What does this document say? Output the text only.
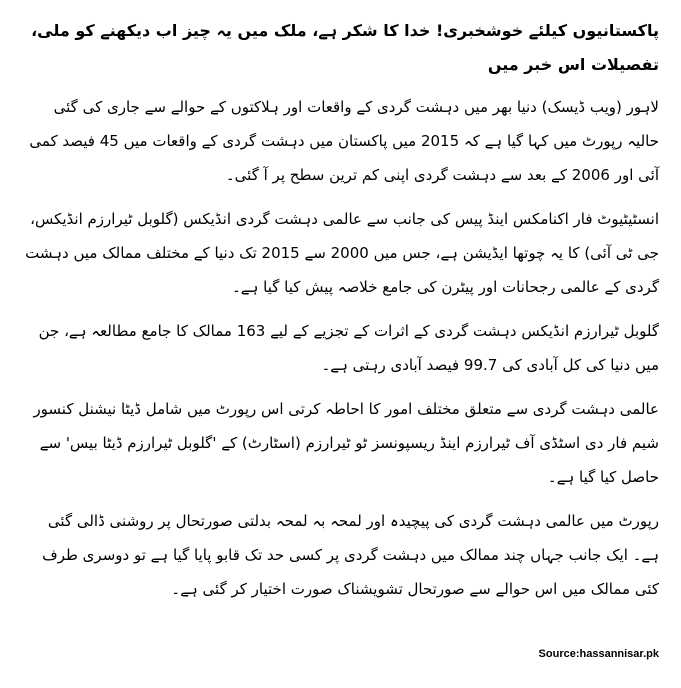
پاکستانیوں کیلئے خوشخبری! خدا کا شکر ہے، ملک میں یہ چیز اب دیکھنے کو ملی، تفصیلات اس خبر میں

لاہور (ویب ڈیسک) دنیا بھر میں دہشت گردی کے واقعات اور ہلاکتوں کے حوالے سے جاری کی گئی حالیہ رپورٹ میں کہا گیا ہے کہ 2015 میں پاکستان میں دہشت گردی کے واقعات میں 45 فیصد کمی آئی اور 2006 کے بعد سے دہشت گردی اپنی کم ترین سطح پر آ گئی۔

انسٹیٹیوٹ فار اکنامکس اینڈ پیس کی جانب سے عالمی دہشت گردی انڈیکس (گلوبل ٹیرارزم انڈیکس، جی ٹی آئی) کا یہ چوتھا ایڈیشن ہے، جس میں 2000 سے 2015 تک دنیا کے مختلف ممالک میں دہشت گردی کے عالمی رجحانات اور پیٹرن کی جامع خلاصہ پیش کیا گیا ہے۔

گلوبل ٹیرارزم انڈیکس دہشت گردی کے اثرات کے تجزیے کے لیے 163 ممالک کا جامع مطالعہ ہے، جن میں دنیا کی کل آبادی کی 99.7 فیصد آبادی رہتی ہے۔

عالمی دہشت گردی سے متعلق مختلف امور کا احاطہ کرتی اس رپورٹ میں شامل ڈیٹا نیشنل کنسور شیم فار دی اسٹڈی آف ٹیرارزم اینڈ ریسپونسز ٹو ٹیرارزم (اسٹارٹ) کے 'گلوبل ٹیرارزم ڈیٹا بیس' سے حاصل کیا گیا ہے۔

رپورٹ میں عالمی دہشت گردی کی پیچیدہ اور لمحہ بہ لمحہ بدلتی صورتحال پر روشنی ڈالی گئی ہے۔ ایک جانب جہاں چند ممالک میں دہشت گردی پر کسی حد تک قابو پایا گیا ہے تو دوسری طرف کئی ممالک میں اس حوالے سے صورتحال تشویشناک صورت اختیار کر گئی ہے۔

Source:hassannisar.pk
